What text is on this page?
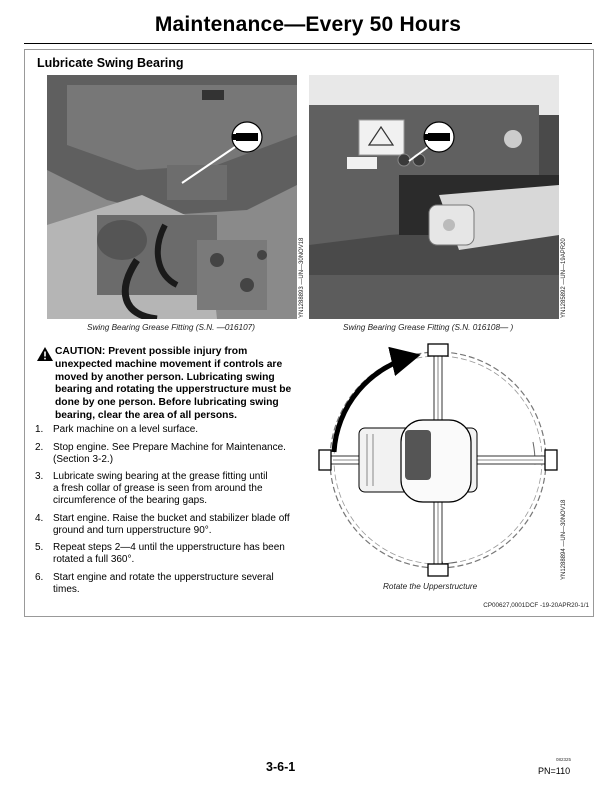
Maintenance—Every 50 Hours
Lubricate Swing Bearing
YN1288893 —UN—30NOV18
Swing Bearing Grease Fitting (S.N. —016107)
YN1285892 —UN—19APR20
Swing Bearing Grease Fitting (S.N. 016108— )
CAUTION: Prevent possible injury from
unexpected machine movement if controls are
moved by another person. Lubricating swing
bearing and rotating the upperstructure must be
done by one person. Before lubricating swing
bearing, clear the area of all persons.
1. Park machine on a level surface.
2. Stop engine. See Prepare Machine for Maintenance.
(Section 3-2.)
3. Lubricate swing bearing at the grease fitting until
a fresh collar of grease is seen from around the
circumference of the bearing gaps.
4. Start engine. Raise the bucket and stabilizer blade off
ground and turn upperstructure 90°.
5. Repeat steps 2—4 until the upperstructure has been
rotated a full 360°.
6. Start engine and rotate the upperstructure several
times.
YN1288894 —UN—30NOV18
Rotate the Upperstructure
CP00627,0001DCF -19-20APR20-1/1
3-6-1
082325
PN=110
